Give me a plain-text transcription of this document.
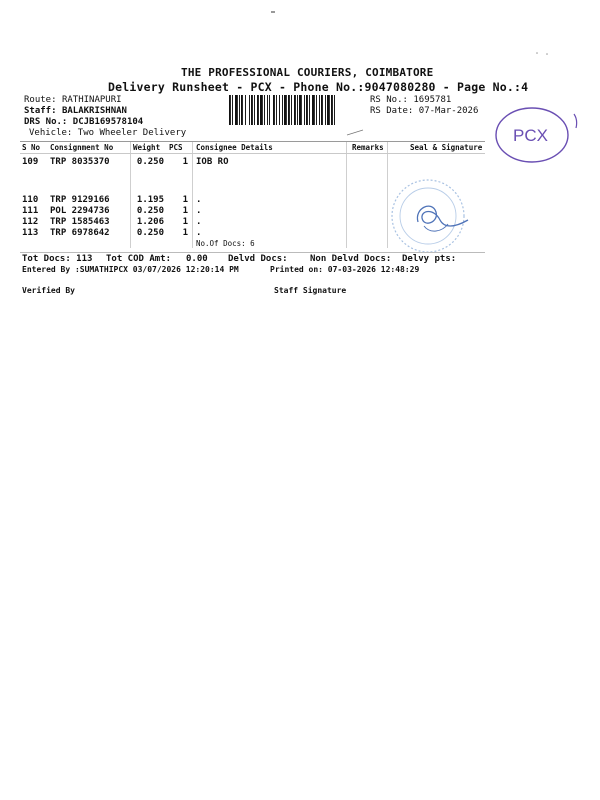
THE PROFESSIONAL COURIERS, COIMBATORE
Delivery Runsheet - PCX - Phone No.:9047080280 - Page No.:4
Route: RATHINAPURI
Staff: BALAKRISHNAN
DRS No.: DCJB169578104
Vehicle: Two Wheeler Delivery
RS No.: 1695781
RS Date: 07-Mar-2026
PCX
S No Consignment No	Weight PCS Consignee Details	Remarks	Seal & Signature
109 TRP 8035370	0.250	1 IOB RO
110 TRP 9129166	1.195	1 .
111 POL 2294736	0.250	1 .
112 TRP 1585463	1.206	1 .
113 TRP 6978642	0.250	1 .
No.Of Docs: 6
Tot Docs: 113 Tot COD Amt: 0.00 Delvd Docs: Non Delvd Docs: Delvy pts:
Entered By :SUMATHIPCX 03/07/2026 12:20:14 PM	Printed on: 07-03-2026 12:48:29
Verified By	Staff Signature
